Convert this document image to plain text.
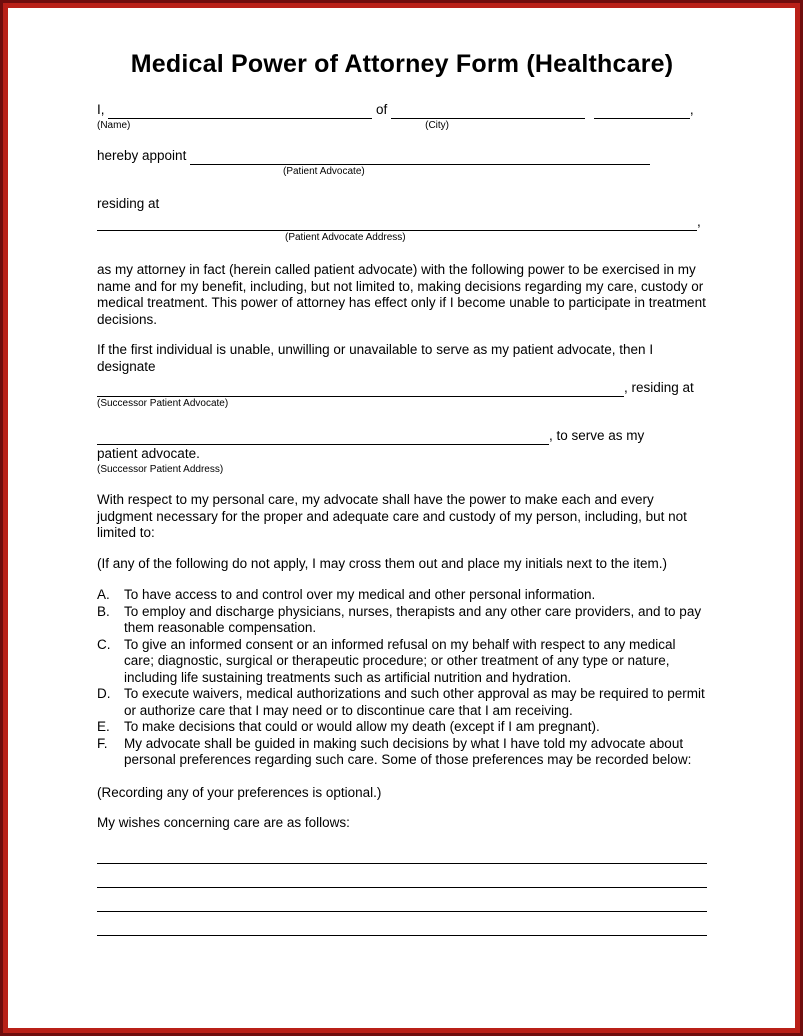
Medical Power of Attorney Form (Healthcare)
I,	of	,
(Name)	(City)
hereby appoint
(Patient Advocate)
residing at
,
(Patient Advocate Address)

as my attorney in fact (herein called patient advocate) with the following power to be exercised in my name and for my benefit, including, but not limited to, making decisions regarding my care, custody or medical treatment. This power of attorney has effect only if I become unable to participate in treatment decisions.

If the first individual is unable, unwilling or unavailable to serve as my patient advocate, then I designate

, residing at
(Successor Patient Advocate)
, to serve as my
patient advocate.
(Successor Patient Address)

With respect to my personal care, my advocate shall have the power to make each and every judgment necessary for the proper and adequate care and custody of my person, including, but not limited to:

(If any of the following do not apply, I may cross them out and place my initials next to the item.)

A.	To have access to and control over my medical and other personal information.
B.	To employ and discharge physicians, nurses, therapists and any other care providers, and to pay them reasonable compensation.
C.	To give an informed consent or an informed refusal on my behalf with respect to any medical care; diagnostic, surgical or therapeutic procedure; or other treatment of any type or nature, including life sustaining treatments such as artificial nutrition and hydration.
D.	To execute waivers, medical authorizations and such other approval as may be required to permit or authorize care that I may need or to discontinue care that I am receiving.
E.	To make decisions that could or would allow my death (except if I am pregnant).
F.	My advocate shall be guided in making such decisions by what I have told my advocate about personal preferences regarding such care. Some of those preferences may be recorded below:

(Recording any of your preferences is optional.)

My wishes concerning care are as follows:
